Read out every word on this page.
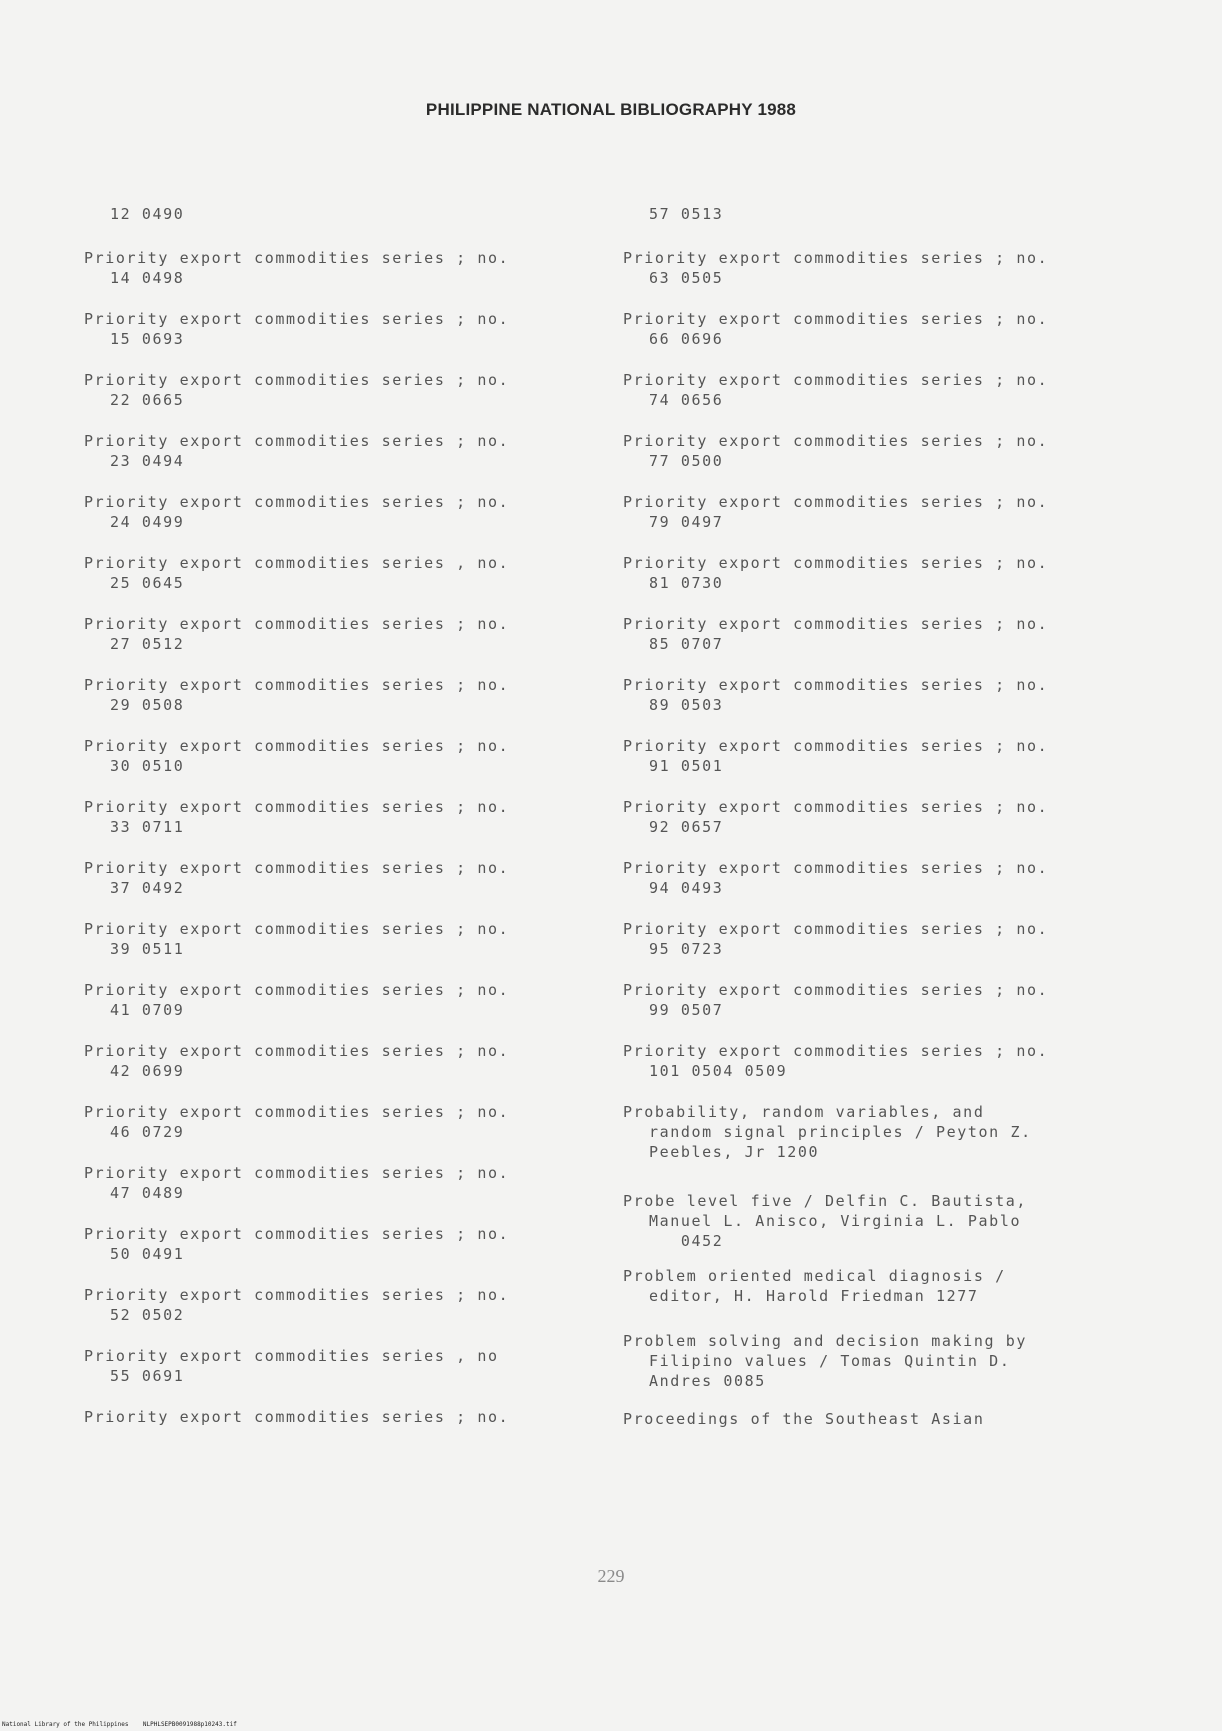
PHILIPPINE NATIONAL BIBLIOGRAPHY 1988
12 0490
Priority export commodities series ; no.
14 0498
Priority export commodities series ; no.
15 0693
Priority export commodities series ; no.
22 0665
Priority export commodities series ; no.
23 0494
Priority export commodities series ; no.
24 0499
Priority export commodities series , no.
25 0645
Priority export commodities series ; no.
27 0512
Priority export commodities series ; no.
29 0508
Priority export commodities series ; no.
30 0510
Priority export commodities series ; no.
33 0711
Priority export commodities series ; no.
37 0492
Priority export commodities series ; no.
39 0511
Priority export commodities series ; no.
41 0709
Priority export commodities series ; no.
42 0699
Priority export commodities series ; no.
46 0729
Priority export commodities series ; no.
47 0489
Priority export commodities series ; no.
50 0491
Priority export commodities series ; no.
52 0502
Priority export commodities series , no
55 0691
Priority export commodities series ; no.
57 0513
Priority export commodities series ; no.
63 0505
Priority export commodities series ; no.
66 0696
Priority export commodities series ; no.
74 0656
Priority export commodities series ; no.
77 0500
Priority export commodities series ; no.
79 0497
Priority export commodities series ; no.
81 0730
Priority export commodities series ; no.
85 0707
Priority export commodities series ; no.
89 0503
Priority export commodities series ; no.
91 0501
Priority export commodities series ; no.
92 0657
Priority export commodities series ; no.
94 0493
Priority export commodities series ; no.
95 0723
Priority export commodities series ; no.
99 0507
Priority export commodities series ; no.
101 0504 0509
Probability, random variables, and
random signal principles / Peyton Z.
Peebles, Jr 1200
Probe level five / Delfin C. Bautista,
Manuel L. Anisco, Virginia L. Pablo
0452
Problem oriented medical diagnosis /
editor, H. Harold Friedman 1277
Problem solving and decision making by
Filipino values / Tomas Quintin D.
Andres 0085
Proceedings of the Southeast Asian
229
National Library of the Philippines    NLPHLSEPB0091988p10243.tif
